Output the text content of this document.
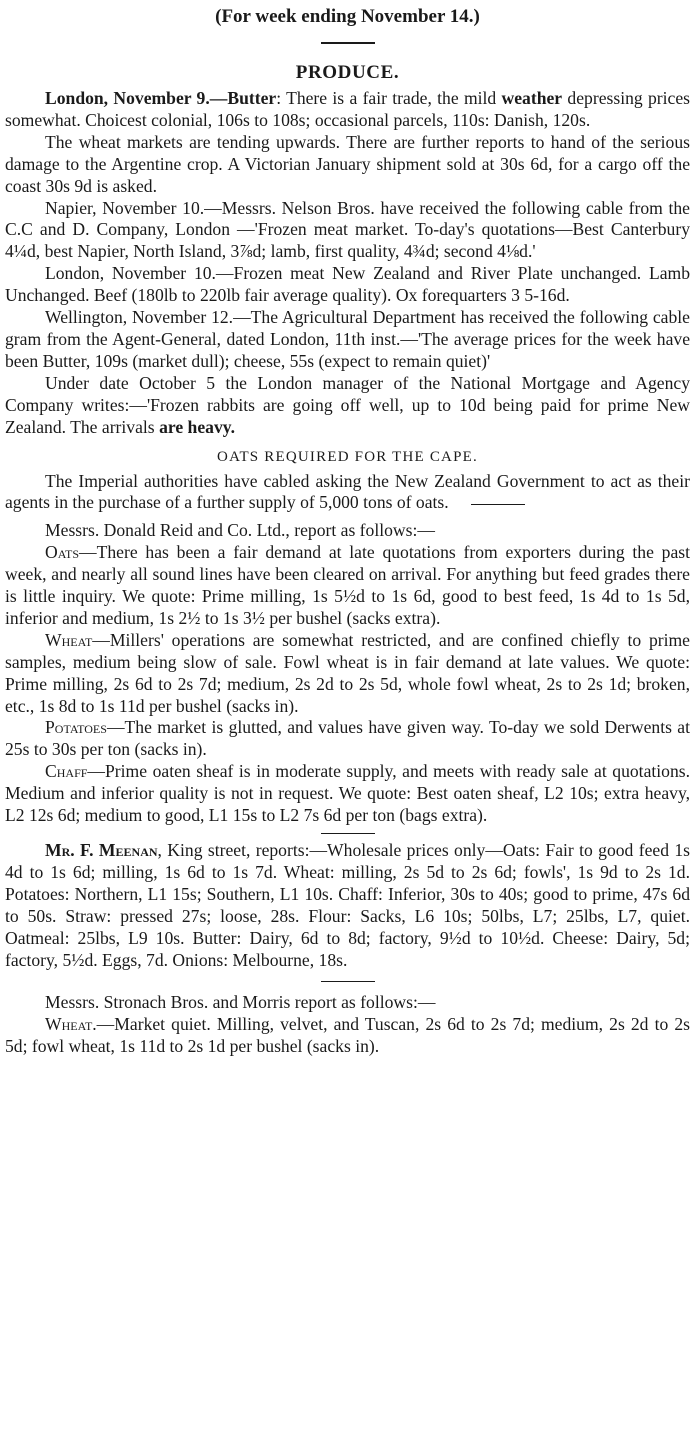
(For week ending November 14.)
PRODUCE.

London, November 9.—Butter: There is a fair trade, the mild weather depressing prices somewhat. Choicest colonial, 106s to 108s; occasional parcels, 110s: Danish, 120s.

The wheat markets are tending upwards. There are further reports to hand of the serious damage to the Argentine crop. A Victorian January shipment sold at 30s 6d, for a cargo off the coast 30s 9d is asked.

Napier, November 10.—Messrs. Nelson Bros. have received the following cable from the C.C and D. Company, London —'Frozen meat market. To-day's quotations—Best Canterbury 4¼d, best Napier, North Island, 3⅞d; lamb, first quality, 4¾d; second 4⅛d.'

London, November 10.—Frozen meat New Zealand and River Plate unchanged. Lamb Unchanged. Beef (180lb to 220lb fair average quality). Ox forequarters 3 5-16d.

Wellington, November 12.—The Agricultural Department has received the following cable gram from the Agent-General, dated London, 11th inst.—'The average prices for the week have been Butter, 109s (market dull); cheese, 55s (expect to remain quiet)'

Under date October 5 the London manager of the National Mortgage and Agency Company writes:—'Frozen rabbits are going off well, up to 10d being paid for prime New Zealand. The arrivals are heavy.

OATS REQUIRED FOR THE CAPE.

The Imperial authorities have cabled asking the New Zealand Government to act as their agents in the purchase of a further supply of 5,000 tons of oats.

Messrs. Donald Reid and Co. Ltd., report as follows:—

Oats—There has been a fair demand at late quotations from exporters during the past week, and nearly all sound lines have been cleared on arrival. For anything but feed grades there is little inquiry. We quote: Prime milling, 1s 5½d to 1s 6d, good to best feed, 1s 4d to 1s 5d, inferior and medium, 1s 2½ to 1s 3½ per bushel (sacks extra).

Wheat—Millers' operations are somewhat restricted, and are confined chiefly to prime samples, medium being slow of sale. Fowl wheat is in fair demand at late values. We quote: Prime milling, 2s 6d to 2s 7d; medium, 2s 2d to 2s 5d, whole fowl wheat, 2s to 2s 1d; broken, etc., 1s 8d to 1s 11d per bushel (sacks in).

Potatoes—The market is glutted, and values have given way. To-day we sold Derwents at 25s to 30s per ton (sacks in).

Chaff—Prime oaten sheaf is in moderate supply, and meets with ready sale at quotations. Medium and inferior quality is not in request. We quote: Best oaten sheaf, L2 10s; extra heavy, L2 12s 6d; medium to good, L1 15s to L2 7s 6d per ton (bags extra).

Mr. F. Meenan, King street, reports:—Wholesale prices only—Oats: Fair to good feed 1s 4d to 1s 6d; milling, 1s 6d to 1s 7d. Wheat: milling, 2s 5d to 2s 6d; fowls', 1s 9d to 2s 1d. Potatoes: Northern, L1 15s; Southern, L1 10s. Chaff: Inferior, 30s to 40s; good to prime, 47s 6d to 50s. Straw: pressed 27s; loose, 28s. Flour: Sacks, L6 10s; 50lbs, L7; 25lbs, L7, quiet. Oatmeal: 25lbs, L9 10s. Butter: Dairy, 6d to 8d; factory, 9½d to 10½d. Cheese: Dairy, 5d; factory, 5½d. Eggs, 7d. Onions: Melbourne, 18s.

Messrs. Stronach Bros. and Morris report as follows:—

Wheat.—Market quiet. Milling, velvet, and Tuscan, 2s 6d to 2s 7d; medium, 2s 2d to 2s 5d; fowl wheat, 1s 11d to 2s 1d per bushel (sacks in).
